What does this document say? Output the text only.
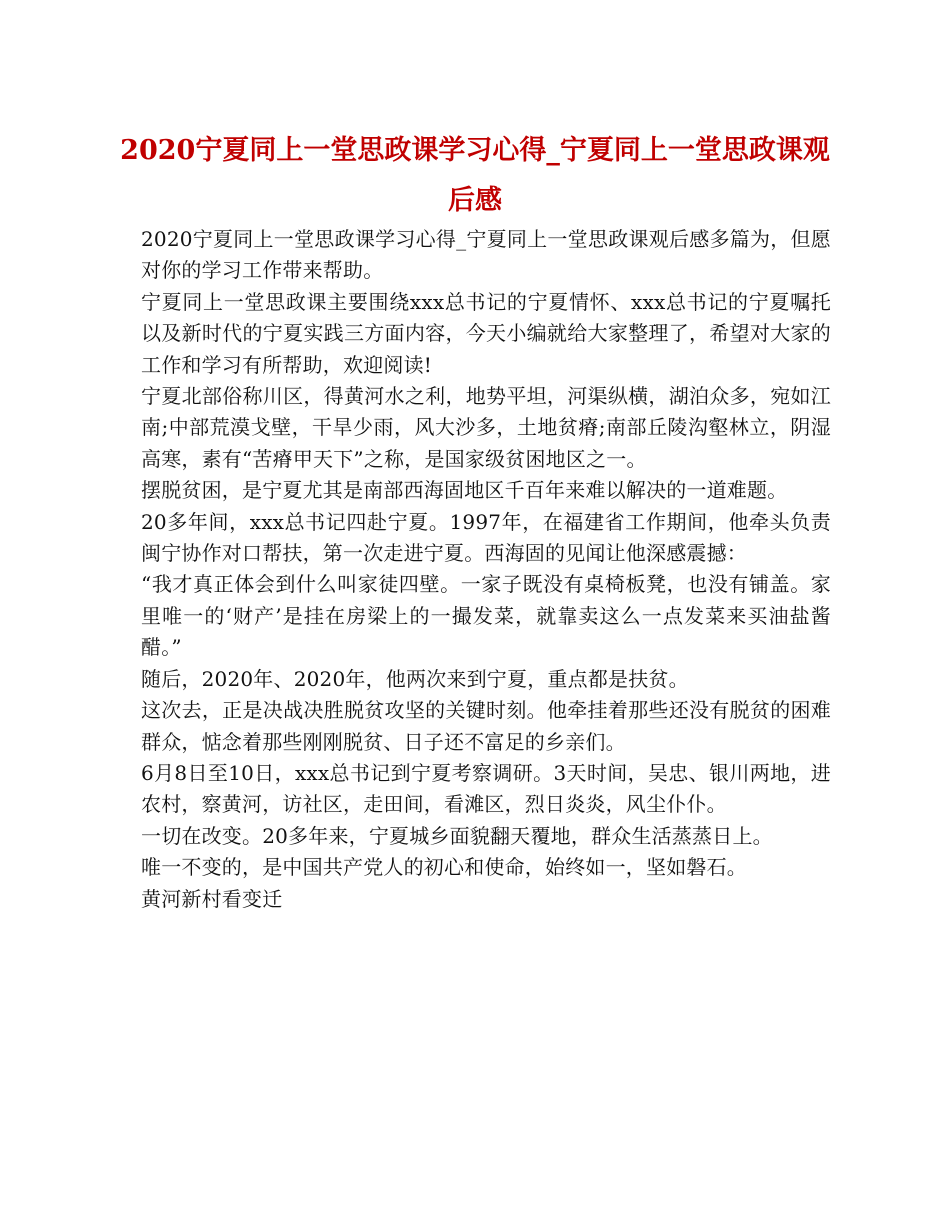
2020宁夏同上一堂思政课学习心得_宁夏同上一堂思政课观后感

2020宁夏同上一堂思政课学习心得_宁夏同上一堂思政课观后感多篇为，但愿对你的学习工作带来帮助。

宁夏同上一堂思政课主要围绕xxx总书记的宁夏情怀、xxx总书记的宁夏嘱托以及新时代的宁夏实践三方面内容，今天小编就给大家整理了，希望对大家的工作和学习有所帮助，欢迎阅读!

宁夏北部俗称川区，得黄河水之利，地势平坦，河渠纵横，湖泊众多，宛如江南;中部荒漠戈壁，干旱少雨，风大沙多，土地贫瘠;南部丘陵沟壑林立，阴湿高寒，素有“苦瘠甲天下”之称，是国家级贫困地区之一。

摆脱贫困，是宁夏尤其是南部西海固地区千百年来难以解决的一道难题。

20多年间，xxx总书记四赴宁夏。1997年，在福建省工作期间，他牵头负责闽宁协作对口帮扶，第一次走进宁夏。西海固的见闻让他深感震撼：

“我才真正体会到什么叫家徒四壁。一家子既没有桌椅板凳，也没有铺盖。家里唯一的‘财产’是挂在房梁上的一撮发菜，就靠卖这么一点发菜来买油盐酱醋。”

随后，2020年、2020年，他两次来到宁夏，重点都是扶贫。

这次去，正是决战决胜脱贫攻坚的关键时刻。他牵挂着那些还没有脱贫的困难群众，惦念着那些刚刚脱贫、日子还不富足的乡亲们。

6月8日至10日，xxx总书记到宁夏考察调研。3天时间，吴忠、银川两地，进农村，察黄河，访社区，走田间，看滩区，烈日炎炎，风尘仆仆。

一切在改变。20多年来，宁夏城乡面貌翻天覆地，群众生活蒸蒸日上。

唯一不变的，是中国共产党人的初心和使命，始终如一，坚如磐石。

黄河新村看变迁
